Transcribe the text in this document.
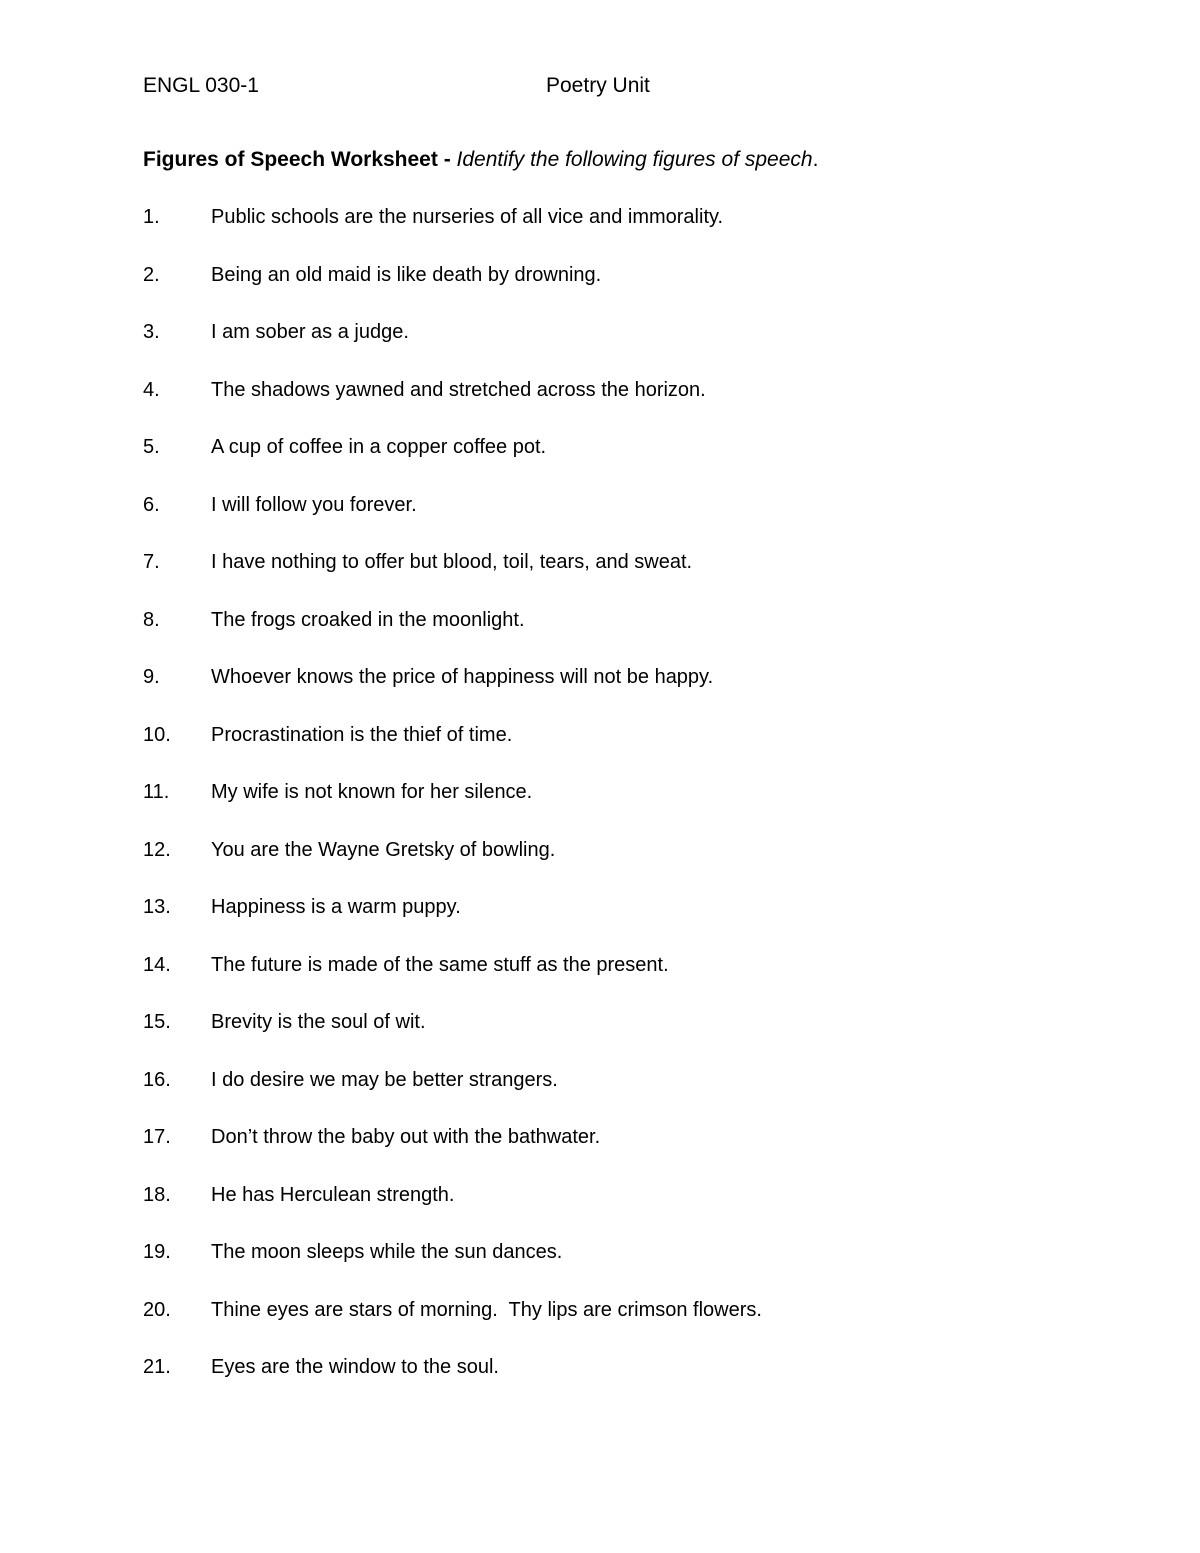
ENGL 030-1	Poetry Unit
Figures of Speech Worksheet - Identify the following figures of speech.
1.	Public schools are the nurseries of all vice and immorality.
2.	Being an old maid is like death by drowning.
3.	I am sober as a judge.
4.	The shadows yawned and stretched across the horizon.
5.	A cup of coffee in a copper coffee pot.
6.	I will follow you forever.
7.	I have nothing to offer but blood, toil, tears, and sweat.
8.	The frogs croaked in the moonlight.
9.	Whoever knows the price of happiness will not be happy.
10.	Procrastination is the thief of time.
11.	My wife is not known for her silence.
12.	You are the Wayne Gretsky of bowling.
13.	Happiness is a warm puppy.
14.	The future is made of the same stuff as the present.
15.	Brevity is the soul of wit.
16.	I do desire we may be better strangers.
17.	Don’t throw the baby out with the bathwater.
18.	He has Herculean strength.
19.	The moon sleeps while the sun dances.
20.	Thine eyes are stars of morning.  Thy lips are crimson flowers.
21.	Eyes are the window to the soul.
